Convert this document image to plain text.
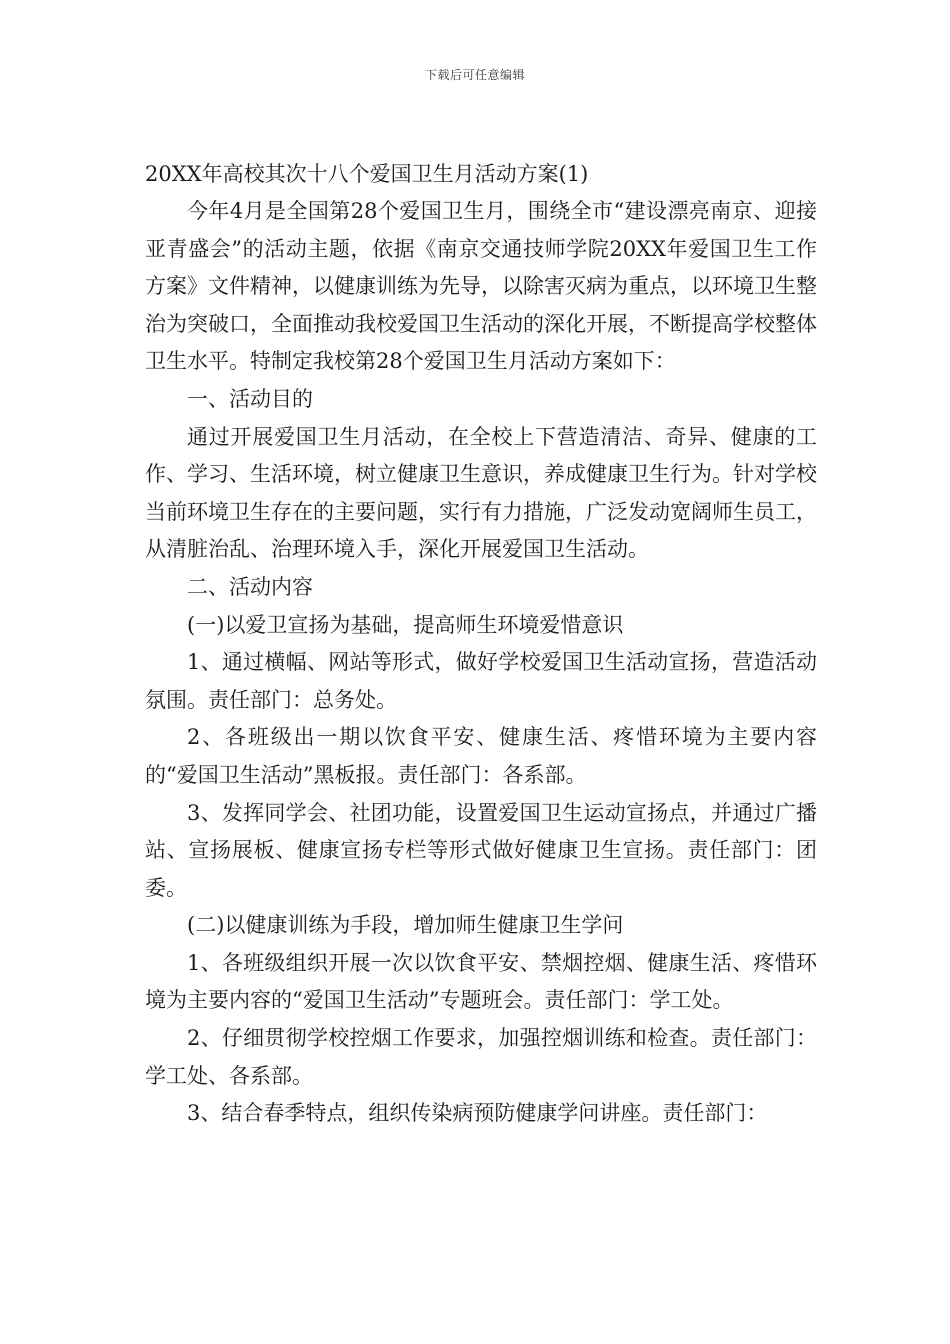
下载后可任意编辑
20XX年高校其次十八个爱国卫生月活动方案(1)

今年4月是全国第28个爱国卫生月，围绕全市“建设漂亮南京、迎接亚青盛会”的活动主题，依据《南京交通技师学院20XX年爱国卫生工作方案》文件精神，以健康训练为先导，以除害灭病为重点，以环境卫生整治为突破口，全面推动我校爱国卫生活动的深化开展，不断提高学校整体卫生水平。特制定我校第28个爱国卫生月活动方案如下：

一、活动目的

通过开展爱国卫生月活动，在全校上下营造清洁、奇异、健康的工作、学习、生活环境，树立健康卫生意识，养成健康卫生行为。针对学校当前环境卫生存在的主要问题，实行有力措施，广泛发动宽阔师生员工，从清脏治乱、治理环境入手，深化开展爱国卫生活动。

二、活动内容

(一)以爱卫宣扬为基础，提高师生环境爱惜意识

1、通过横幅、网站等形式，做好学校爱国卫生活动宣扬，营造活动氛围。责任部门：总务处。

2、各班级出一期以饮食平安、健康生活、疼惜环境为主要内容的“爱国卫生活动”黑板报。责任部门：各系部。

3、发挥同学会、社团功能，设置爱国卫生运动宣扬点，并通过广播站、宣扬展板、健康宣扬专栏等形式做好健康卫生宣扬。责任部门：团委。

(二)以健康训练为手段，增加师生健康卫生学问

1、各班级组织开展一次以饮食平安、禁烟控烟、健康生活、疼惜环境为主要内容的“爱国卫生活动”专题班会。责任部门：学工处。

2、仔细贯彻学校控烟工作要求，加强控烟训练和检查。责任部门：学工处、各系部。

3、结合春季特点，组织传染病预防健康学问讲座。责任部门：
